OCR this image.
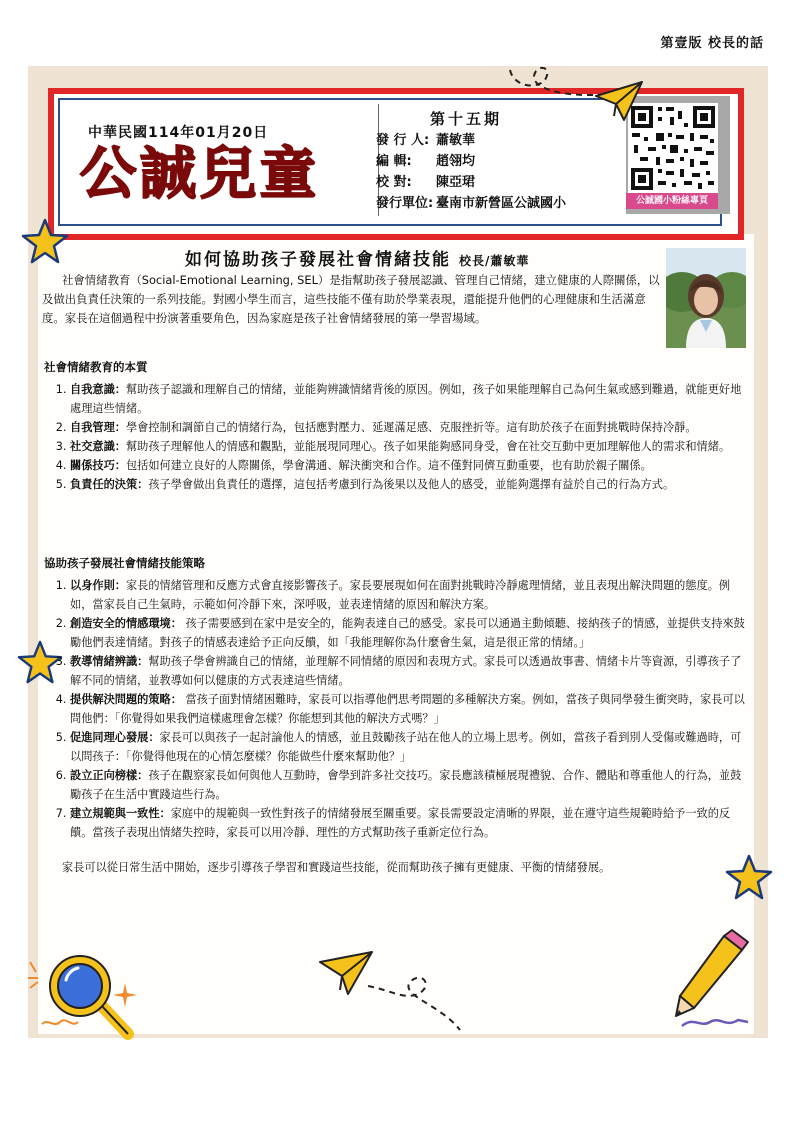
第壹版 校長的話
中華民國114年01月20日
公誠兒童
第十五期
發 行 人: 蕭敏華
編 輯: 趙翎均
校 對: 陳亞珺
發行單位: 臺南市新營區公誠國小	公誠國小粉絲專頁
如何協助孩子發展社會情緒技能 校長/蕭敏華
社會情緒教育（Social-Emotional Learning, SEL）是指幫助孩子發展認識、管理自己情緒，建立健康的人際關係，以及做出負責任決策的一系列技能。對國小學生而言，這些技能不僅有助於學業表現，還能提升他們的心理健康和生活滿意度。家長在這個過程中扮演著重要角色，因為家庭是孩子社會情緒發展的第一學習場域。
社會情緒教育的本質
1. 自我意識：幫助孩子認識和理解自己的情緒，並能夠辨識情緒背後的原因。例如，孩子如果能理解自己為何生氣或感到難過，就能更好地處理這些情緒。
2. 自我管理：學會控制和調節自己的情緒行為，包括應對壓力、延遲滿足感、克服挫折等。這有助於孩子在面對挑戰時保持冷靜。
3. 社交意識：幫助孩子理解他人的情感和觀點，並能展現同理心。孩子如果能夠感同身受，會在社交互動中更加理解他人的需求和情緒。
4. 關係技巧：包括如何建立良好的人際關係，學會溝通、解決衝突和合作。這不僅對同儕互動重要，也有助於親子關係。
5. 負責任的決策：孩子學會做出負責任的選擇，這包括考慮到行為後果以及他人的感受，並能夠選擇有益於自己的行為方式。
協助孩子發展社會情緒技能策略
1. 以身作則：家長的情緒管理和反應方式會直接影響孩子。家長要展現如何在面對挑戰時冷靜處理情緒，並且表現出解決問題的態度。例如，當家長自己生氣時，示範如何冷靜下來，深呼吸，並表達情緒的原因和解決方案。
2. 創造安全的情感環境： 孩子需要感到在家中是安全的，能夠表達自己的感受。家長可以通過主動傾聽、接納孩子的情感，並提供支持來鼓勵他們表達情緒。對孩子的情感表達給予正向反饋，如「我能理解你為什麼會生氣，這是很正常的情緒。」
3. 教導情緒辨識：幫助孩子學會辨識自己的情緒，並理解不同情緒的原因和表現方式。家長可以透過故事書、情緒卡片等資源，引導孩子了解不同的情緒，並教導如何以健康的方式表達這些情緒。
4. 提供解決問題的策略： 當孩子面對情緒困難時，家長可以指導他們思考問題的多種解決方案。例如，當孩子與同學發生衝突時，家長可以問他們：「你覺得如果我們這樣處理會怎樣？你能想到其他的解決方式嗎？」
5. 促進同理心發展：家長可以與孩子一起討論他人的情感，並且鼓勵孩子站在他人的立場上思考。例如，當孩子看到別人受傷或難過時，可以問孩子：「你覺得他現在的心情怎麼樣？你能做些什麼來幫助他？」
6. 設立正向榜樣：孩子在觀察家長如何與他人互動時，會學到許多社交技巧。家長應該積極展現禮貌、合作、體貼和尊重他人的行為，並鼓勵孩子在生活中實踐這些行為。
7. 建立規範與一致性：家庭中的規範與一致性對孩子的情緒發展至關重要。家長需要設定清晰的界限，並在遵守這些規範時給予一致的反饋。當孩子表現出情緒失控時，家長可以用冷靜、理性的方式幫助孩子重新定位行為。
家長可以從日常生活中開始，逐步引導孩子學習和實踐這些技能，從而幫助孩子擁有更健康、平衡的情緒發展。
